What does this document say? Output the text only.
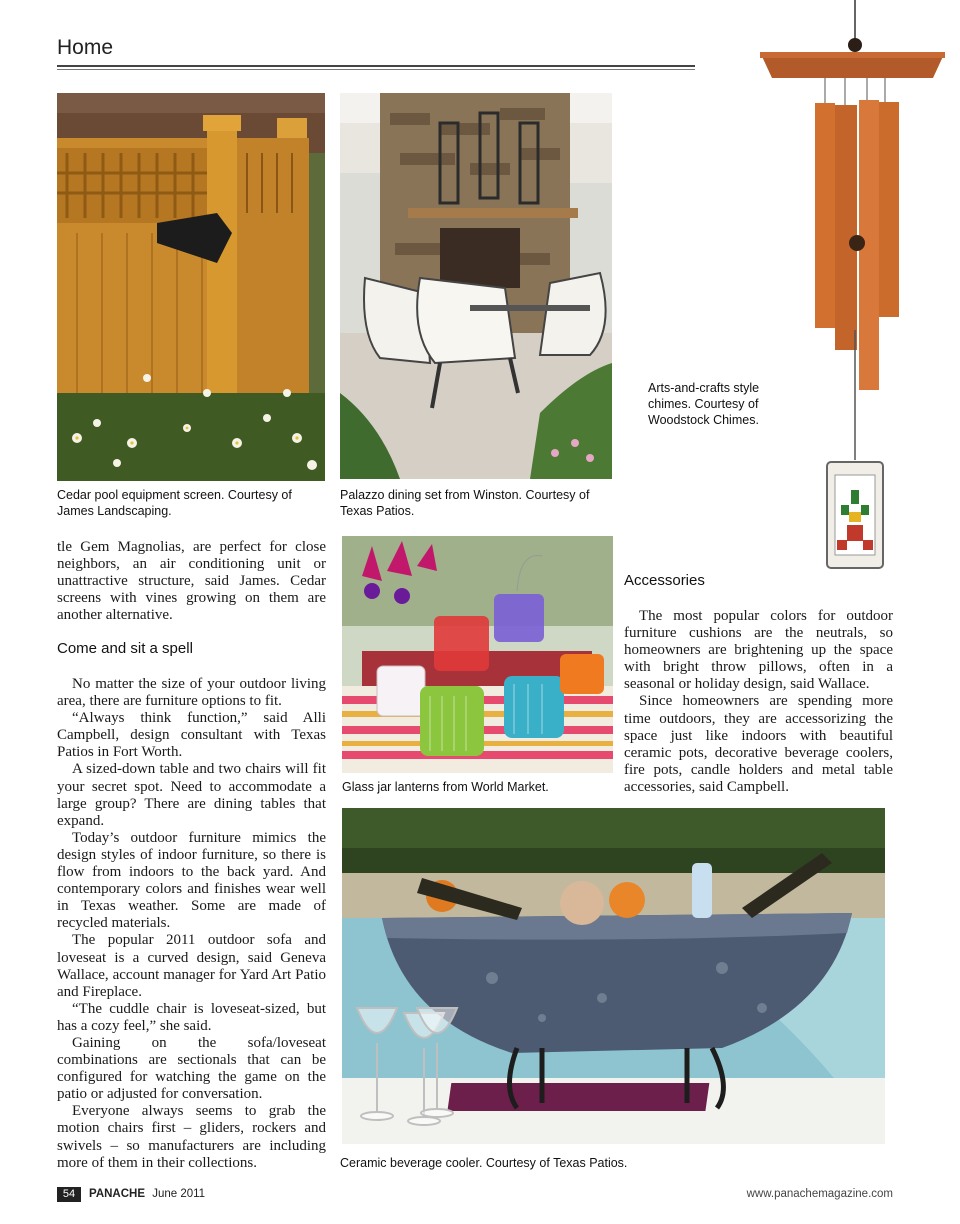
Home
Cedar pool equipment screen. Courtesy of James Landscaping.
Palazzo dining set from Winston. Courtesy of Texas Patios.
Arts-and-crafts style chimes. Courtesy of Woodstock Chimes.
Glass jar lanterns from World Market.
Ceramic beverage cooler. Courtesy of Texas Patios.

tle Gem Magnolias, are perfect for close neighbors, an air conditioning unit or unattractive structure, said James. Cedar screens with vines growing on them are another alternative.

Come and sit a spell

No matter the size of your outdoor living area, there are furniture options to fit.

“Always think function,” said Alli Campbell, design consultant with Texas Patios in Fort Worth.

A sized-down table and two chairs will fit your secret spot. Need to accommodate a large group? There are dining tables that expand.

Today’s outdoor furniture mimics the design styles of indoor furniture, so there is flow from indoors to the back yard. And contemporary colors and finishes wear well in Texas weather. Some are made of recycled materials.

The popular 2011 outdoor sofa and loveseat is a curved design, said Geneva Wallace, account manager for Yard Art Patio and Fireplace.

“The cuddle chair is loveseat-sized, but has a cozy feel,” she said.

Gaining on the sofa/loveseat combinations are sectionals that can be configured for watching the game on the patio or adjusted for conversation.

Everyone always seems to grab the motion chairs first – gliders, rockers and swivels – so manufacturers are including more of them in their collections.

Accessories

The most popular colors for outdoor furniture cushions are the neutrals, so homeowners are brightening up the space with bright throw pillows, often in a seasonal or holiday design, said Wallace.

Since homeowners are spending more time outdoors, they are accessorizing the space just like indoors with beautiful ceramic pots, decorative beverage coolers, fire pots, candle holders and metal table accessories, said Campbell.

54	PANACHE June 2011	www.panachemagazine.com
